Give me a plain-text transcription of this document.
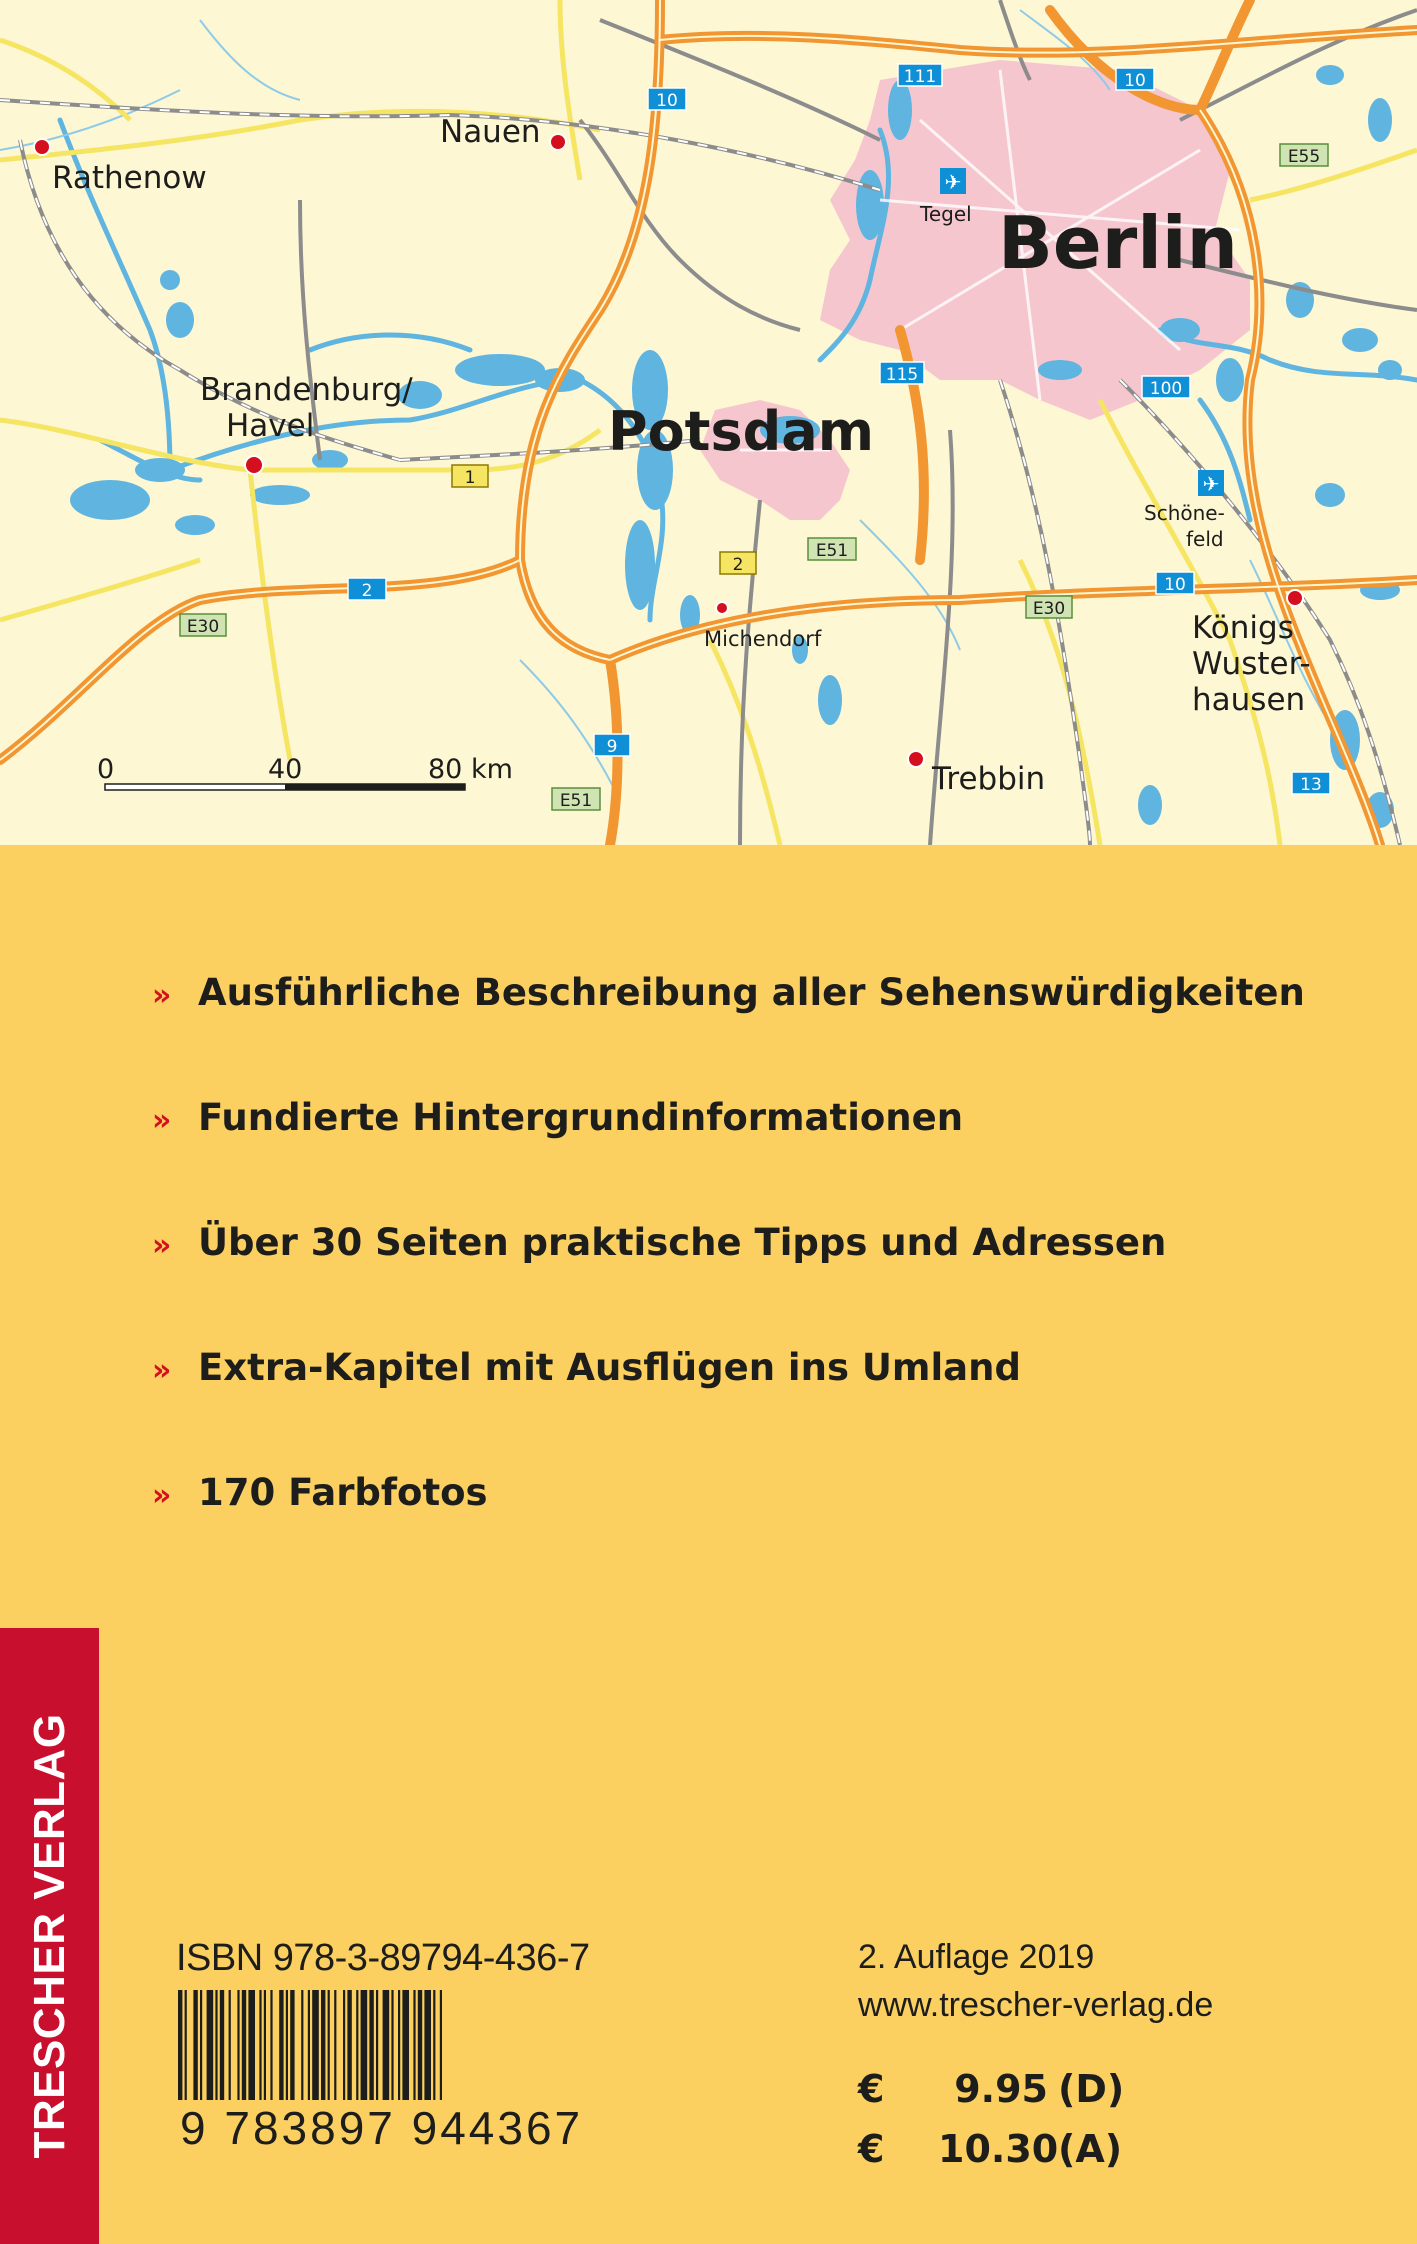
10
111	10
E55
115
100
1
2
E51
2
E30
E30
10
9
E51
13
✈
✈
Berlin
Potsdam
Rathenow
Nauen
Brandenburg/
Havel
Michendorf	Königs
Wuster-
hausen
Trebbin
Tegel
Schöne-
feld
0	40	80 km
» Ausführliche Beschreibung aller Sehenswürdigkeiten
» Fundierte Hintergrundinformationen
» Über 30 Seiten praktische Tipps und Adressen
» Extra-Kapitel mit Ausflügen ins Umland
» 170 Farbfotos
TRESCHER VERLAG	ISBN 978-3-89794-436-7
9 783897 944367
2. Auflage 2019
www.trescher-verlag.de
€ 9.95 (D)
€ 10.30(A)
